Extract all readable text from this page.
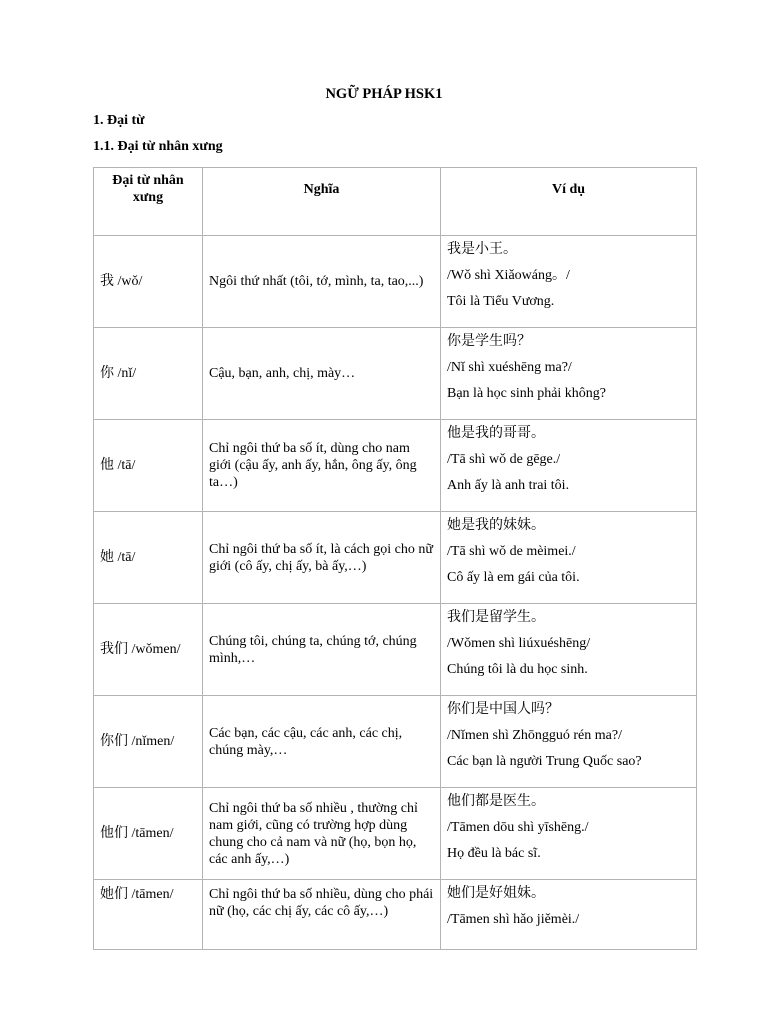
NGỮ PHÁP HSK1
1. Đại từ
1.1. Đại từ nhân xưng
Đại từ nhân xưng	Nghĩa	Ví dụ
我 /wǒ/	Ngôi thứ nhất (tôi, tớ, mình, ta, tao,...)	我是小王。
/Wǒ shì Xiǎowáng。/
Tôi là Tiểu Vương.

你 /nǐ/	Cậu, bạn, anh, chị, mày…	你是学生吗？
/Nǐ shì xuéshēng ma?/
Bạn là học sinh phải không?

他 /tā/	Chỉ ngôi thứ ba số ít, dùng cho nam giới (cậu ấy, anh ấy, hắn, ông ấy, ông ta…)	他是我的哥哥。
/Tā shì wǒ de gēge./
Anh ấy là anh trai tôi.

她 /tā/	Chỉ ngôi thứ ba số ít, là cách gọi cho nữ giới (cô ấy, chị ấy, bà ấy,…)	她是我的妹妹。
/Tā shì wǒ de mèimei./
Cô ấy là em gái của tôi.

我们 /wǒmen/	Chúng tôi, chúng ta, chúng tớ, chúng mình,…	我们是留学生。
/Wǒmen shì liúxuéshēng/
Chúng tôi là du học sinh.

你们 /nǐmen/	Các bạn, các cậu, các anh, các chị, chúng mày,…	你们是中国人吗？
/Nǐmen shì Zhōngguó rén ma?/
Các bạn là người Trung Quốc sao?

他们 /tāmen/	Chỉ ngôi thứ ba số nhiều , thường chỉ nam giới, cũng có trường hợp dùng chung cho cả nam và nữ (họ, bọn họ, các anh ấy,…)	他们都是医生。
/Tāmen dōu shì yīshēng./
Họ đều là bác sĩ.

她们 /tāmen/	Chỉ ngôi thứ ba số nhiều, dùng cho phái nữ (họ, các chị ấy, các cô ấy,…)	她们是好姐妹。
/Tāmen shì hǎo jiěmèi./
